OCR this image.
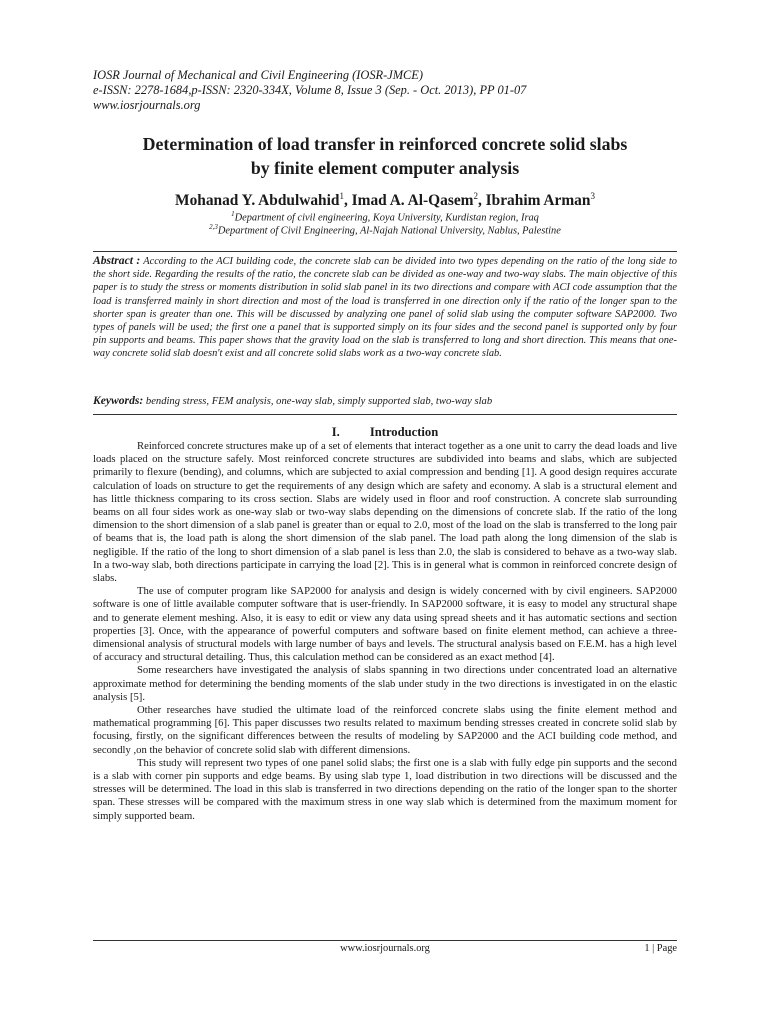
IOSR Journal of Mechanical and Civil Engineering (IOSR-JMCE)
e-ISSN: 2278-1684,p-ISSN: 2320-334X, Volume 8, Issue 3 (Sep. - Oct. 2013), PP 01-07
www.iosrjournals.org
Determination of load transfer in reinforced concrete solid slabs
by finite element computer analysis
Mohanad Y. Abdulwahid$^1$, Imad A. Al-Qasem$^2$, Ibrahim Arman$^3$
$^1$Department of civil engineering, Koya University, Kurdistan region, Iraq
$^{2,3}$Department of Civil Engineering, Al-Najah National University, Nablus, Palestine
Abstract : According to the ACI building code, the concrete slab can be divided into two types depending on the ratio of the long side to the short side. Regarding the results of the ratio, the concrete slab can be divided as one-way and two-way slabs. The main objective of this paper is to study the stress or moments distribution in solid slab panel in its two directions and compare with ACI code assumption that the load is transferred mainly in short direction and most of the load is transferred in one direction only if the ratio of the longer span to the shorter span is greater than one. This will be discussed by analyzing one panel of solid slab using the computer software SAP2000. Two types of panels will be used; the first one a panel that is supported simply on its four sides and the second panel is supported only by four pin supports and beams. This paper shows that the gravity load on the slab is transferred to long and short direction. This means that one-way concrete solid slab doesn't exist and all concrete solid slabs work as a two-way concrete slab.
Keywords: bending stress, FEM analysis, one-way slab, simply supported slab, two-way slab
I. Introduction

Reinforced concrete structures make up of a set of elements that interact together as a one unit to carry the dead loads and live loads placed on the structure safely. Most reinforced concrete structures are subdivided into beams and slabs, which are subjected primarily to flexure (bending), and columns, which are subjected to axial compression and bending [1]. A good design requires accurate calculation of loads on structure to get the requirements of any design which are safety and economy. A slab is a structural element and has little thickness comparing to its cross section. Slabs are widely used in floor and roof construction. A concrete slab surrounding beams on all four sides work as one-way slab or two-way slabs depending on the dimensions of concrete slab. If the ratio of the long dimension to the short dimension of a slab panel is greater than or equal to 2.0, most of the load on the slab is transferred to the long pair of beams that is, the load path is along the short dimension of the slab panel. The load path along the long dimension of the slab is negligible. If the ratio of the long to short dimension of a slab panel is less than 2.0, the slab is considered to behave as a two-way slab. In a two-way slab, both directions participate in carrying the load [2]. This is in general what is common in reinforced concrete design of slabs.

The use of computer program like SAP2000 for analysis and design is widely concerned with by civil engineers. SAP2000 software is one of little available computer software that is user-friendly. In SAP2000 software, it is easy to model any structural shape and to generate element meshing. Also, it is easy to edit or view any data using spread sheets and it has automatic sections and section properties [3]. Once, with the appearance of powerful computers and software based on finite element method, can achieve a three-dimensional analysis of structural models with large number of bays and levels. The structural analysis based on F.E.M. has a high level of accuracy and structural detailing. Thus, this calculation method can be considered as an exact method [4].

Some researchers have investigated the analysis of slabs spanning in two directions under concentrated load an alternative approximate method for determining the bending moments of the slab under study in the two directions is investigated in on the elastic analysis [5].

Other researches have studied the ultimate load of the reinforced concrete slabs using the finite element method and mathematical programming [6]. This paper discusses two results related to maximum bending stresses created in concrete solid slab by focusing, firstly, on the significant differences between the results of modeling by SAP2000 and the ACI building code method, and secondly ,on the behavior of concrete solid slab with different dimensions.

This study will represent two types of one panel solid slabs; the first one is a slab with fully edge pin supports and the second is a slab with corner pin supports and edge beams. By using slab type 1, load distribution in two directions will be discussed and the stresses will be determined. The load in this slab is transferred in two directions depending on the ratio of the longer span to the shorter span. These stresses will be compared with the maximum stress in one way slab which is determined from the maximum moment for simply supported beam.

www.iosrjournals.org	1 | Page
